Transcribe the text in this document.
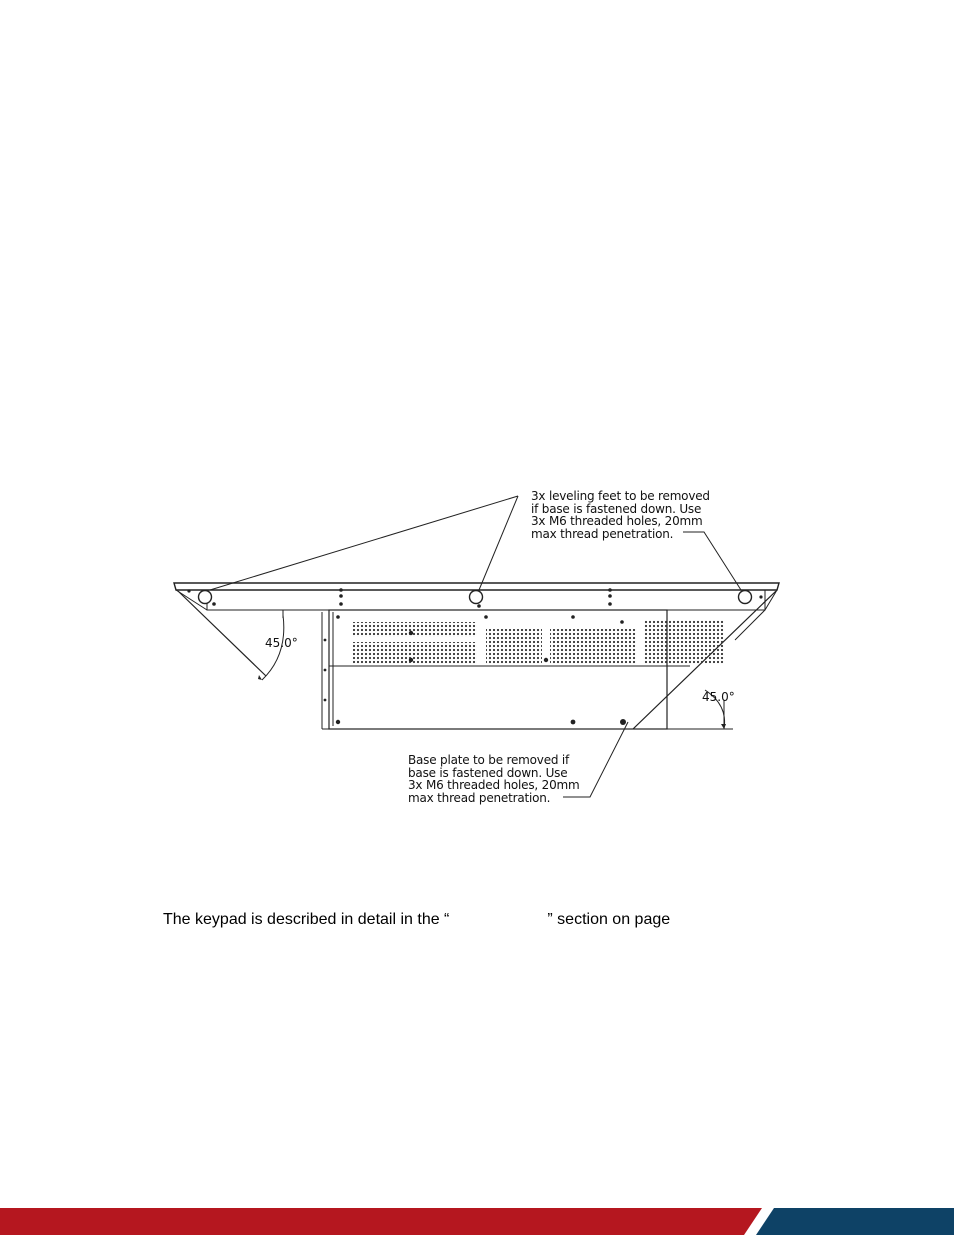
3x leveling feet to be removed
if base is fastened down. Use
3x M6 threaded holes, 20mm
max thread penetration.
Base plate to be removed if
base is fastened down. Use
3x M6 threaded holes, 20mm
max thread penetration.
45.0°
45.0°
The keypad is described in detail in the “	” section on page
